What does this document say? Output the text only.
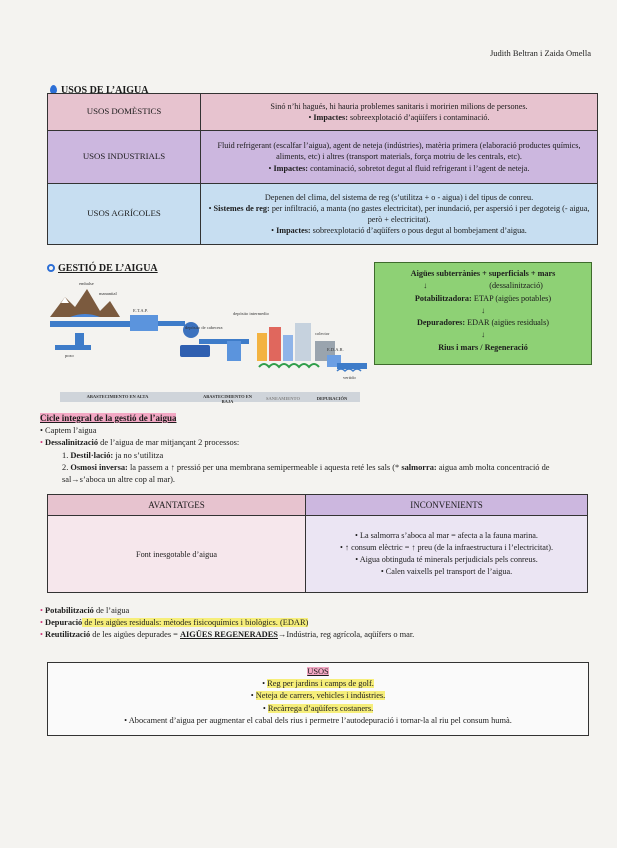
Judith Beltran i Zaida Omella
USOS DE L’AIGUA
USOS DOMÈSTICS	Sinó n’hi hagués, hi hauria problemes sanitaris i moririen milions de persones.
• Impactes: sobreexplotació d’aqüífers i contaminació.

USOS INDUSTRIALS	Fluid refrigerant (escalfar l’aigua), agent de neteja (indústries), matèria primera (elaboració productes químics, aliments, etc) i altres (transport materials, força motriu de les centrals, etc).
• Impactes: contaminació, sobretot degut al fluid refrigerant i l’agent de neteja.

USOS AGRÍCOLES	Depenen del clima, del sistema de reg (s’utilitza + o - aigua) i del tipus de conreu.
• Sistemes de reg: per infiltració, a manta (no gastes electricitat), per inundació, per aspersió i per degoteig (- aigua, però + electricitat).
• Impactes: sobreexplotació d’aqüífers o pous degut al bombejament d’aigua.
GESTIÓ DE L’AIGUA
embalse
manantial
E.T.A.P.
depósito de cabecera
depósito intermedio
colector
E.D.A.R.
vertido
pozo
ABASTECIMIENTO EN ALTA	ABASTECIMIENTO EN BAJA
SANEAMIENTO	DEPURACIÓN
Aigües subterrànies + superficials + mars
↓	(dessalinització)
Potabilitzadora: ETAP (aigües potables)
↓
Depuradores: EDAR (aigües residuals)
↓
Rius i mars / Regeneració
Cicle integral de la gestió de l’aigua
• Captem l’aigua
• Dessalinització de l’aigua de mar mitjançant 2 processos:
1. Destil·lació: ja no s’utilitza
2. Osmosi inversa: la passem a ↑ pressió per una membrana semipermeable i aquesta reté les sals (* salmorra: aigua amb molta concentració de sal→s’aboca un altre cop al mar).
AVANTATGES	INCONVENIENTS
Font inesgotable d’aigua	• La salmorra s’aboca al mar = afecta a la fauna marina.
• ↑ consum elèctric = ↑ preu (de la infraestructura i l’electricitat).
• Aigua obtinguda té minerals perjudicials pels conreus.
• Calen vaixells pel transport de l’aigua.
• Potabilització de l’aigua
• Depuració de les aigües residuals: mètodes fisicoquímics i biològics. (EDAR)
• Reutilització de les aigües depurades = AIGÜES REGENERADES→Indústria, reg agrícola, aqüífers o mar.
USOS
• Reg per jardins i camps de golf.
• Neteja de carrers, vehicles i indústries.
• Recàrrega d’aqüífers costaners.
• Abocament d’aigua per augmentar el cabal dels rius i permetre l’autodepuració i tornar-la al riu pel consum humà.
